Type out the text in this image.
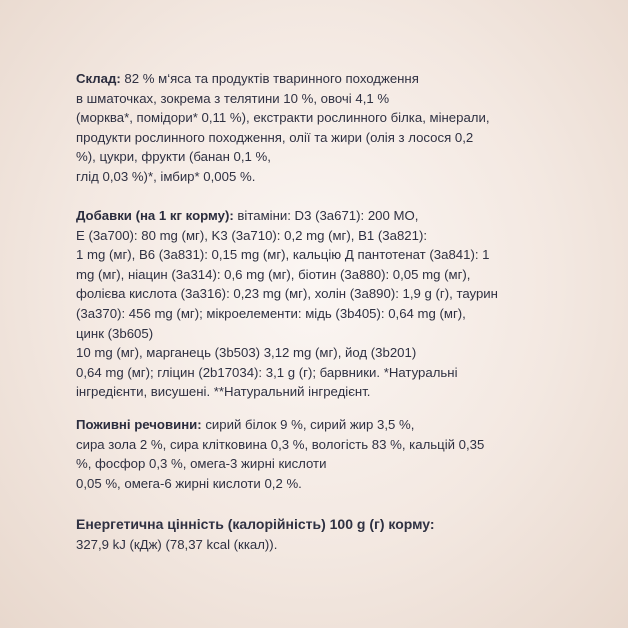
Склад: 82 % м‘яса та продуктів тваринного походження
в шматочках, зокрема з телятини 10 %, овочі 4,1 %
(морква*, помідори* 0,11 %), екстракти рослинного білка, мінерали,
продукти рослинного походження, олії та жири (олія з лосося 0,2
%), цукри, фрукти (банан 0,1 %,
глід 0,03 %)*, імбир* 0,005 %.
Добавки (на 1 кг корму): вітаміни: D3 (3a671): 200 МО,
E (3a700): 80 mg (мг), K3 (3a710): 0,2 mg (мг), B1 (3a821):
1 mg (мг), B6 (3a831): 0,15 mg (мг), кальцію Д пантотенат (3a841): 1
mg (мг), ніацин (3a314): 0,6 mg (мг), біотин (3a880): 0,05 mg (мг),
фолієва кислота (3a316): 0,23 mg (мг), холін (3a890): 1,9 g (г), таурин
(3a370): 456 mg (мг); мікроелементи: мідь (3b405): 0,64 mg (мг),
цинк (3b605)
10 mg (мг), марганець (3b503) 3,12 mg (мг), йод (3b201)
0,64 mg (мг); гліцин (2b17034): 3,1 g (г); барвники. *Натуральні
інгредієнти, висушені. **Натуральний інгредієнт.
Поживні речовини: сирий білок 9 %, сирий жир 3,5 %,
сира зола 2 %, сира клітковина 0,3 %, вологість 83 %, кальцій 0,35
%, фосфор 0,3 %, омега-3 жирні кислоти
0,05 %, омега-6 жирні кислоти 0,2 %.
Енергетична цінність (калорійність) 100 g (г) корму:
327,9 kJ (кДж) (78,37 kcal (ккал)).
